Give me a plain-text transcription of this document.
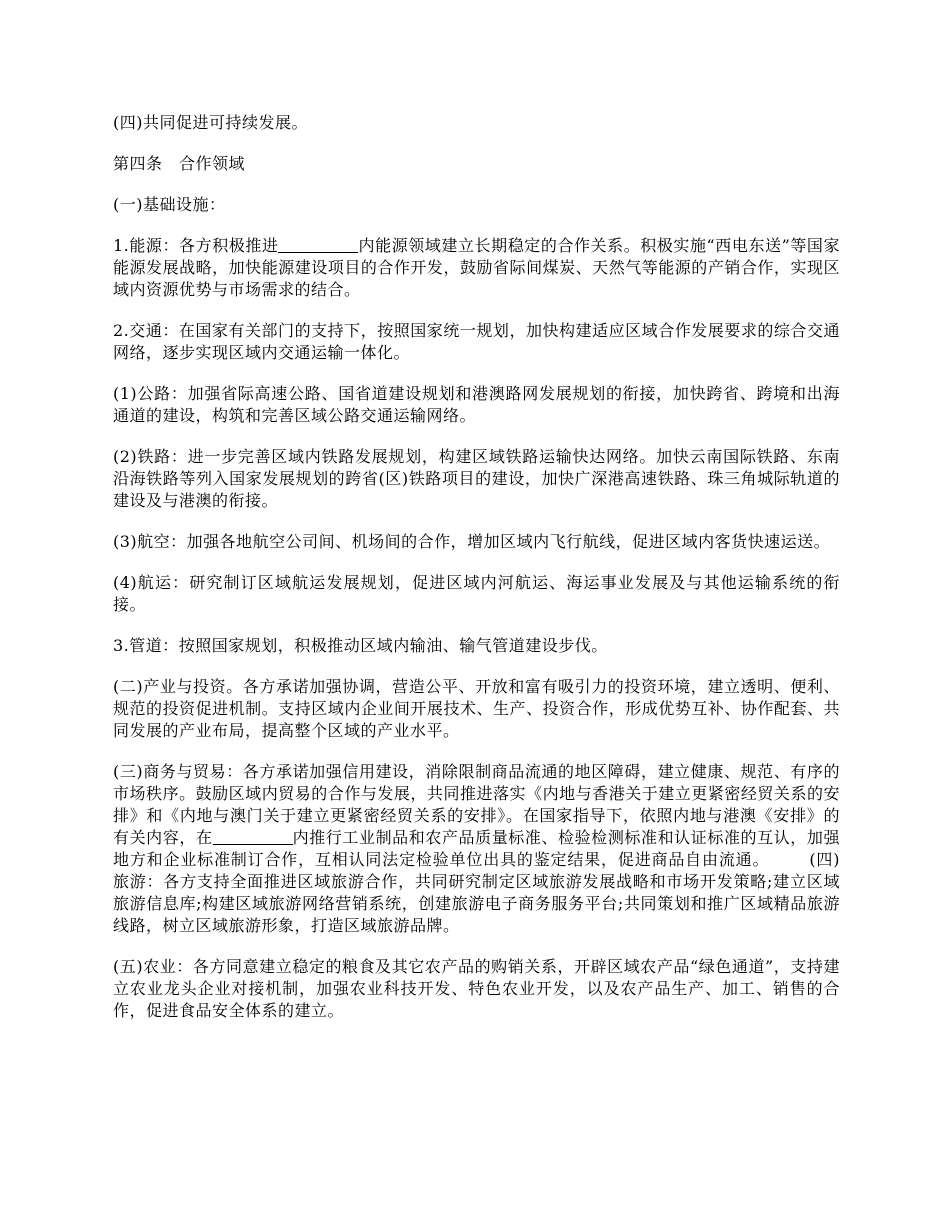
(四)共同促进可持续发展。

第四条　合作领域

(一)基础设施：

1.能源：各方积极推进	内能源领域建立长期稳定的合作关系。积极实施“西电东送”等国家能源发展战略，加快能源建设项目的合作开发，鼓励省际间煤炭、天然气等能源的产销合作，实现区域内资源优势与市场需求的结合。

2.交通：在国家有关部门的支持下，按照国家统一规划，加快构建适应区域合作发展要求的综合交通网络，逐步实现区域内交通运输一体化。

(1)公路：加强省际高速公路、国省道建设规划和港澳路网发展规划的衔接，加快跨省、跨境和出海通道的建设，构筑和完善区域公路交通运输网络。

(2)铁路：进一步完善区域内铁路发展规划，构建区域铁路运输快达网络。加快云南国际铁路、东南沿海铁路等列入国家发展规划的跨省(区)铁路项目的建设，加快广深港高速铁路、珠三角城际轨道的建设及与港澳的衔接。

(3)航空：加强各地航空公司间、机场间的合作，增加区域内飞行航线，促进区域内客货快速运送。

(4)航运：研究制订区域航运发展规划，促进区域内河航运、海运事业发展及与其他运输系统的衔接。

3.管道：按照国家规划，积极推动区域内输油、输气管道建设步伐。

(二)产业与投资。各方承诺加强协调，营造公平、开放和富有吸引力的投资环境，建立透明、便利、规范的投资促进机制。支持区域内企业间开展技术、生产、投资合作，形成优势互补、协作配套、共同发展的产业布局，提高整个区域的产业水平。

(三)商务与贸易：各方承诺加强信用建设，消除限制商品流通的地区障碍，建立健康、规范、有序的市场秩序。鼓励区域内贸易的合作与发展，共同推进落实《内地与香港关于建立更紧密经贸关系的安排》和《内地与澳门关于建立更紧密经贸关系的安排》。在国家指导下，依照内地与港澳《安排》的有关内容，在	内推行工业制品和农产品质量标准、检验检测标准和认证标准的互认，加强地方和企业标准制订合作，互相认同法定检验单位出具的鉴定结果，促进商品自由流通。	(四)旅游：各方支持全面推进区域旅游合作，共同研究制定区域旅游发展战略和市场开发策略;建立区域旅游信息库;构建区域旅游网络营销系统，创建旅游电子商务服务平台;共同策划和推广区域精品旅游线路，树立区域旅游形象，打造区域旅游品牌。

(五)农业：各方同意建立稳定的粮食及其它农产品的购销关系，开辟区域农产品“绿色通道”，支持建立农业龙头企业对接机制，加强农业科技开发、特色农业开发，以及农产品生产、加工、销售的合作，促进食品安全体系的建立。
